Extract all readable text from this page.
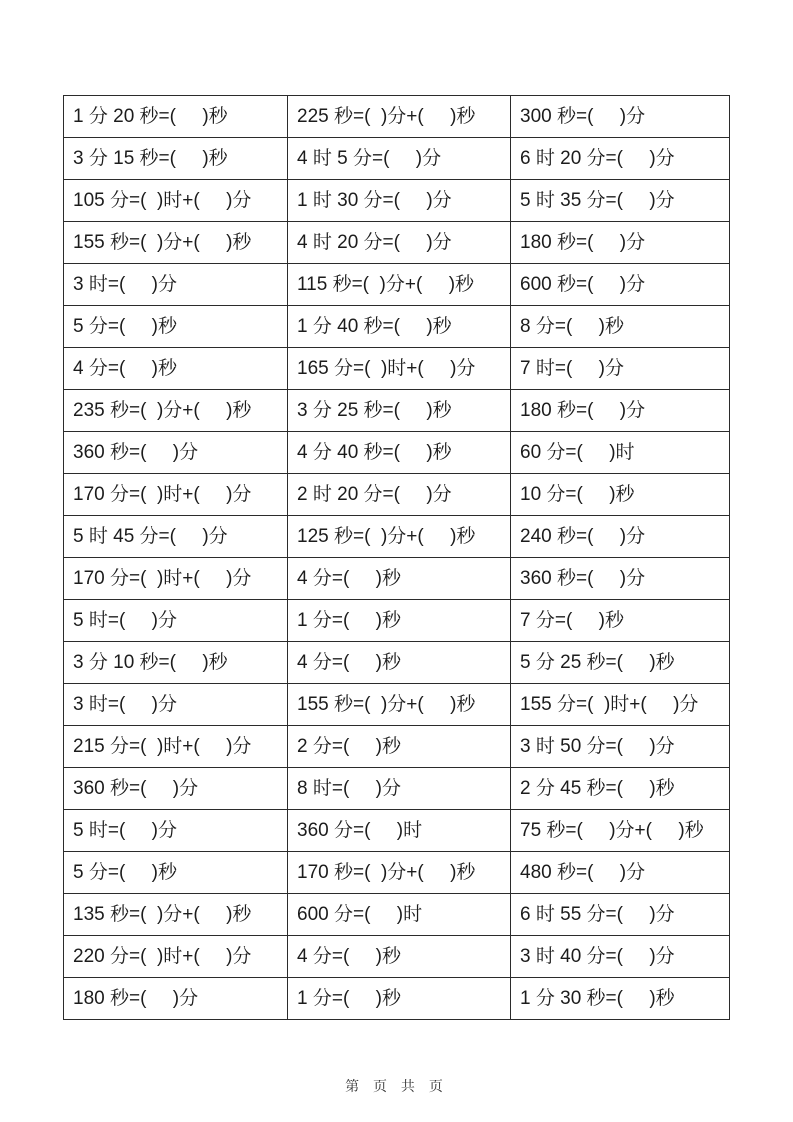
1 分 20 秒=(     )秒	225 秒=(  )分+(     )秒	300 秒=(     )分
3 分 15 秒=(     )秒	4 时 5 分=(     )分	6 时 20 分=(     )分
105 分=(  )时+(     )分	1 时 30 分=(     )分	5 时 35 分=(     )分
155 秒=(  )分+(     )秒	4 时 20 分=(     )分	180 秒=(     )分
3 时=(     )分	115 秒=(  )分+(     )秒	600 秒=(     )分
5 分=(     )秒	1 分 40 秒=(     )秒	8 分=(     )秒
4 分=(     )秒	165 分=(  )时+(     )分	7 时=(     )分
235 秒=(  )分+(     )秒	3 分 25 秒=(     )秒	180 秒=(     )分
360 秒=(     )分	4 分 40 秒=(     )秒	60 分=(     )时
170 分=(  )时+(     )分	2 时 20 分=(     )分	10 分=(     )秒
5 时 45 分=(     )分	125 秒=(  )分+(     )秒	240 秒=(     )分
170 分=(  )时+(     )分	4 分=(     )秒	360 秒=(     )分
5 时=(     )分	1 分=(     )秒	7 分=(     )秒
3 分 10 秒=(     )秒	4 分=(     )秒	5 分 25 秒=(     )秒
3 时=(     )分	155 秒=(  )分+(     )秒	155 分=(  )时+(     )分
215 分=(  )时+(     )分	2 分=(     )秒	3 时 50 分=(     )分
360 秒=(     )分	8 时=(     )分	2 分 45 秒=(     )秒
5 时=(     )分	360 分=(     )时	75 秒=(     )分+(     )秒
5 分=(     )秒	170 秒=(  )分+(     )秒	480 秒=(     )分
135 秒=(  )分+(     )秒	600 分=(     )时	6 时 55 分=(     )分
220 分=(  )时+(     )分	4 分=(     )秒	3 时 40 分=(     )分
180 秒=(     )分	1 分=(     )秒	1 分 30 秒=(     )秒
第 页 共 页
